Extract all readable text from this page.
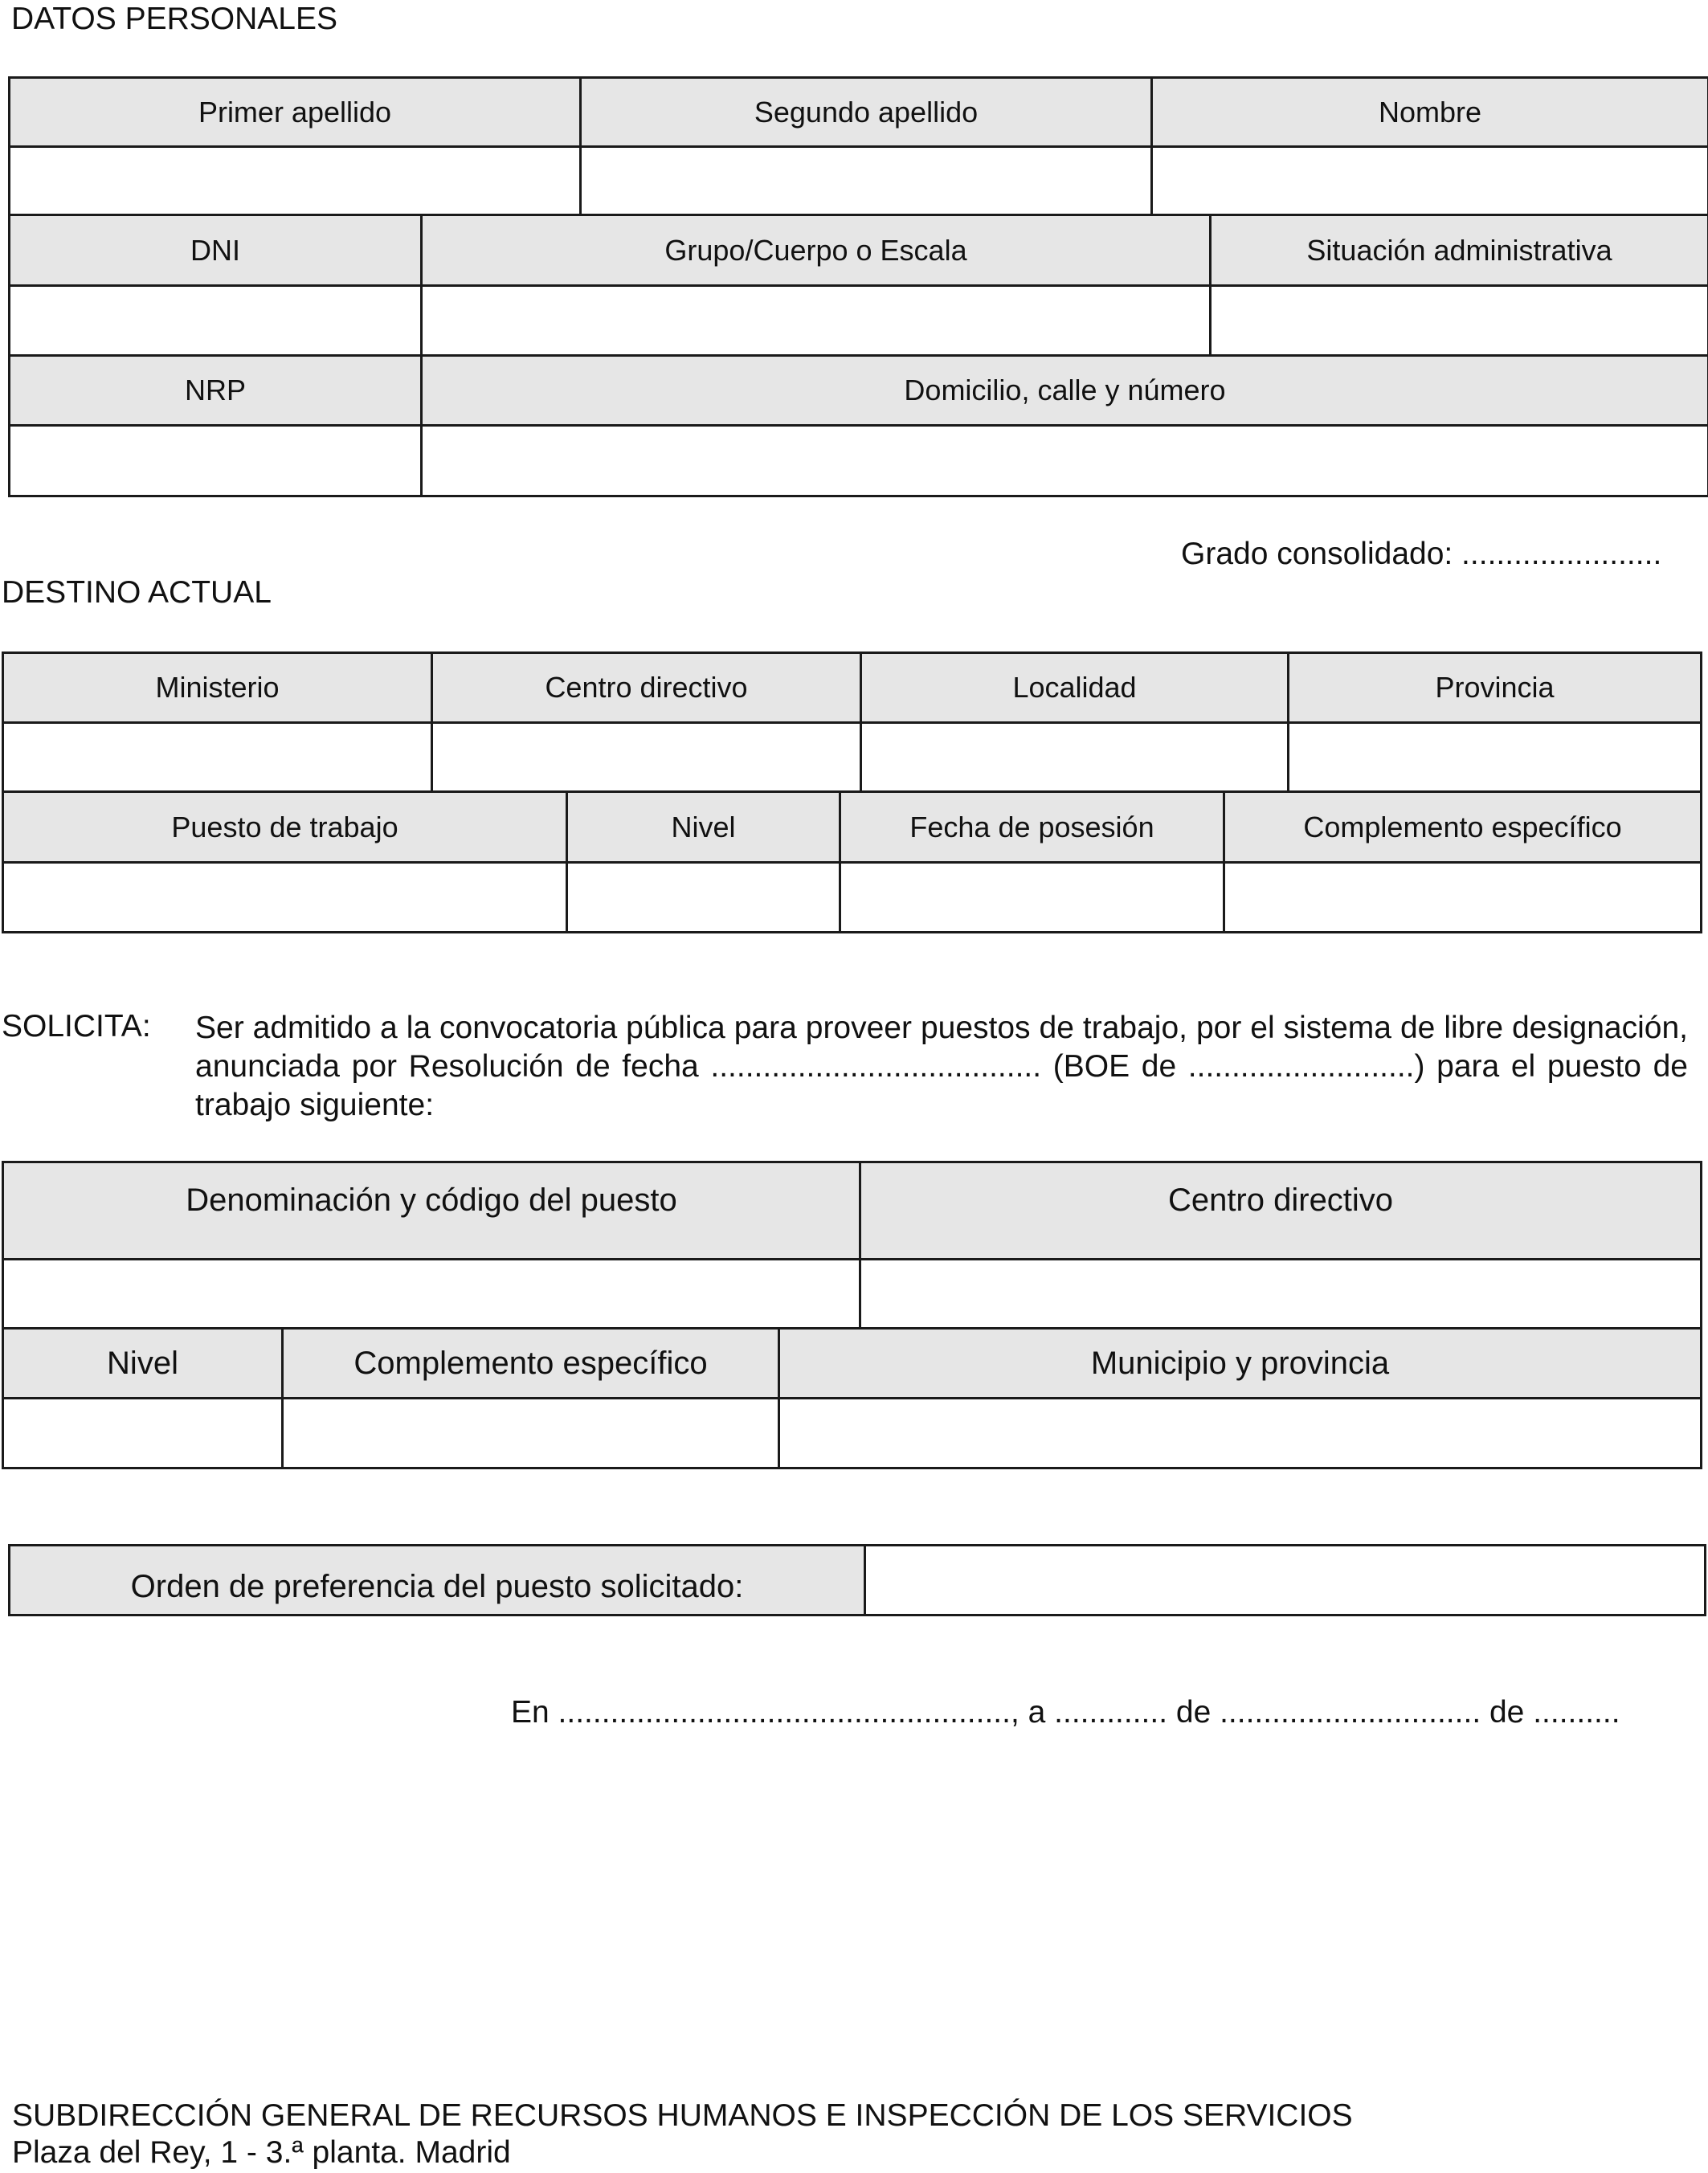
DATOS PERSONALES
Primer apellido	Segundo apellido	Nombre

DNI	Grupo/Cuerpo o Escala	Situación administrativa

NRP	Domicilio, calle y número	

Grado consolidado: .......................
DESTINO ACTUAL
Ministerio	Centro directivo	Localidad	Provincia

Puesto de trabajo	Nivel	Fecha de posesión	Complemento específico

SOLICITA: Ser admitido a la convocatoria pública para proveer puestos de trabajo, por el sistema de libre designación, anunciada por Resolución de fecha ...................................... (BOE de ..........................) para el puesto de trabajo siguiente:
Denominación y código del puesto	Centro directivo

Nivel	Complemento específico	Municipio y provincia

Orden de preferencia del puesto solicitado:	
En ...................................................., a ............. de .............................. de ..........
SUBDIRECCIÓN GENERAL DE RECURSOS HUMANOS E INSPECCIÓN DE LOS SERVICIOS
Plaza del Rey, 1 - 3.ª planta. Madrid
